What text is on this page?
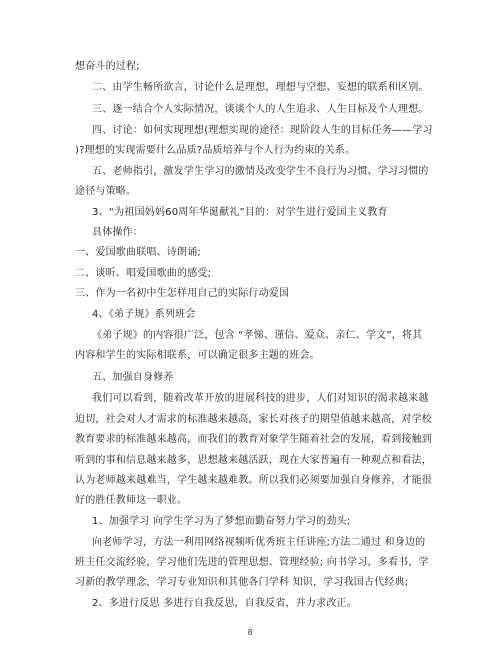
想奋斗的过程;
二、由学生畅所欲言，讨论什么是理想，理想与空想、妄想的联系和区别。
三、逐一结合个人实际情况，谈谈个人的人生追求、人生目标及个人理想。
四、讨论：如何实现理想(理想实现的途径：现阶段人生的目标任务——学习
)?理想的实现需要什么品质?品质培养与个人行为约束的关系。
五、老师指引，激发学生学习的激情及改变学生不良行为习惯、学习习惯的
途径与策略。
3、“为祖国妈妈60周年华诞献礼”目的：对学生进行爱国主义教育
具体操作：
一、爱国歌曲联唱、诗朗诵;
二、谈昕、唱爱国歌曲的感受;
三、作为一名初中生怎样用自己的实际行动爱国
4、《弟子规》系列班会
《弟子规》的内容很广泛，包含 “孝悌、谨信、爱众、亲仁、学文”，将其
内容和学生的实际相联系，可以确定很多主题的班会。
五、加强自身修养
我们可以看到，随着改革开放的进展科技的进步，人们对知识的渴求越来越
迫切，社会对人才需求的标准越来越高，家长对孩子的期望值越来越高，对学校
教育要求的标准越来越高，而我们的教育对象学生随着社会的发展，看到接触到
听到的事和信息越来越多，思想越来越活跃，现在大家普遍有一种观点和看法，
认为老师越来越难当，学生越来越难教。所以我们必须要加强自身修养，才能很
好的胜任教师这一职业。
1、加强学习 向学生学习为了梦想而勤奋努力学习的劲头;
向老师学习，方法一利用网络视频听优秀班主任讲座;方法二通过 和身边的
班主任交流经验，学习他们先进的管理思想、管理经验; 向书学习，多看书，学
习新的教学理念，学习专业知识和其他各门学科 知识，学习我国古代经典;
2、多进行反思 多进行自我反思，自我反省，并力求改正。
8
